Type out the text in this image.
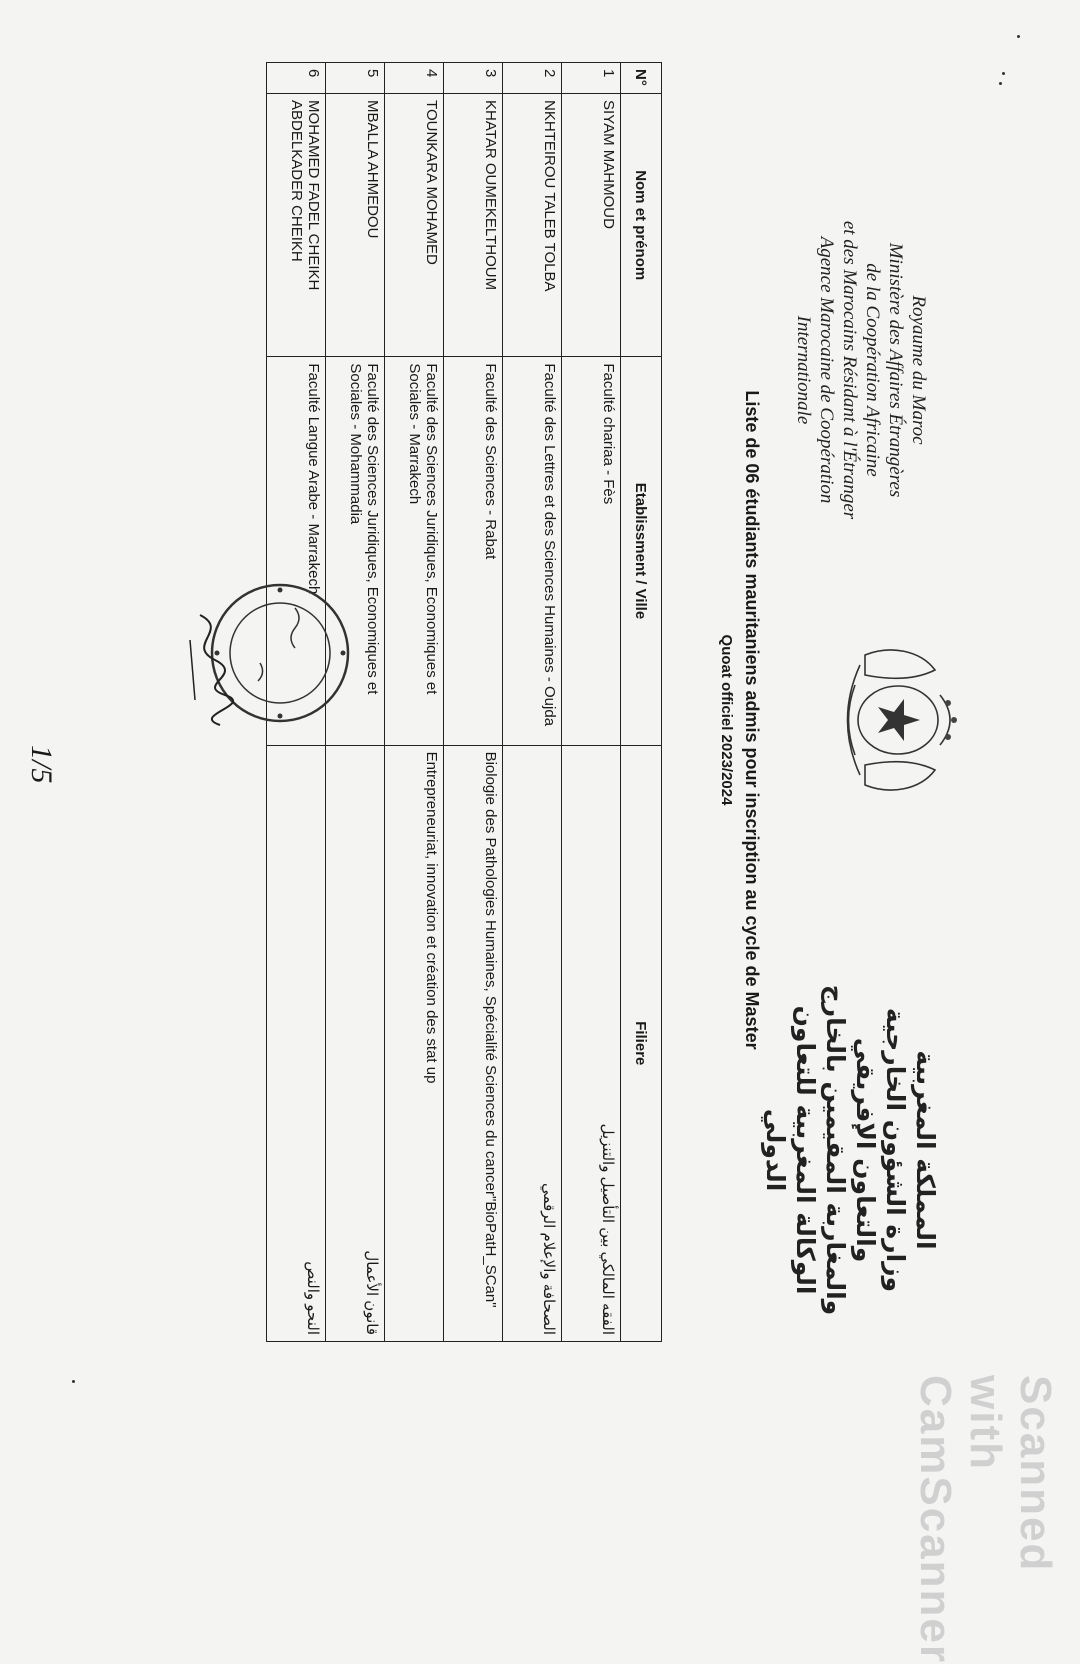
Royaume du Maroc
Ministère des Affaires Étrangères
de la Coopération Africaine
et des Marocains Résidant à l'Étranger
Agence Marocaine de Coopération
Internationale
المملكة المغربية
وزارة الشؤون الخارجية
والتعاون الإفريقي
والمغاربة المقيمين بالخارج
الوكالة المغربية للتعاون
الدولي
Liste de 06 étudiants mauritaniens admis pour inscription au cycle de Master
Quoat officiel 2023/2024
N°	Nom et prénom	Etablissment / Ville	Filiere
1	SIYAM MAHMOUD	Faculté chariaa - Fès	الفقه المالكي بين التأصيل والتنزيل

2	NKHTEIROU TALEB TOLBA	Faculté des Lettres et des Sciences Humaines - Oujda	الصحافة والإعلام الرقمي

3	KHATAR OUMEKELTHOUM	Faculté des Sciences - Rabat	Biologie des Pathologies Humaines, Spécialité Sciences du cancer"BioPatH_SCan"
4	TOUNKARA MOHAMED	Faculté des Sciences Juridiques, Economiques et Sociales - Marrakech	Entrepreneuriat, innovation et création des stat up
5	MBALLA AHMEDOU	Faculté des Sciences Juridiques, Economiques et Sociales - Mohammadia	قانون الأعمال

6	MOHAMED FADEL CHEIKH ABDELKADER CHEIKH	Faculté Langue Arabe - Marrakech	النحو والنص
1/5
Scanned with CamScanner
